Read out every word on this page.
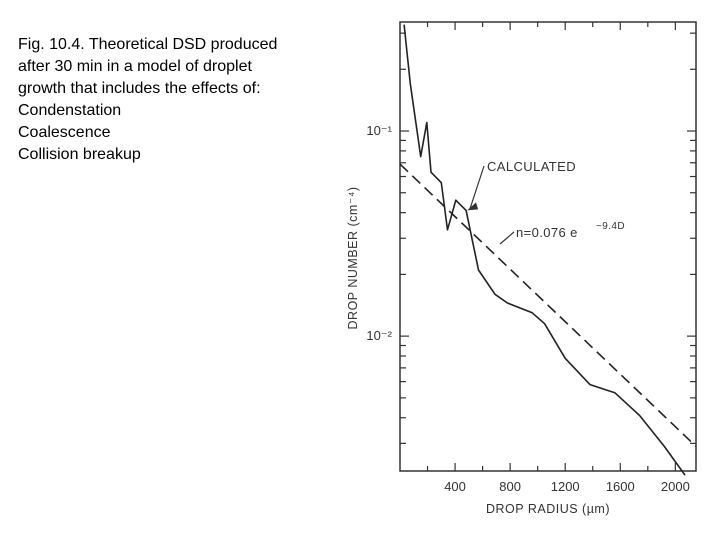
Fig. 10.4. Theoretical DSD produced
after 30 min in a model of droplet
growth that includes the effects of:
Condenstation
Coalescence
Collision breakup
400	800 1200 1600 2000
10⁻¹
10⁻²
CALCULATED
n=0.076 e −9.4D
DROP RADIUS (µm)
DROP NUMBER (cm⁻⁴)
